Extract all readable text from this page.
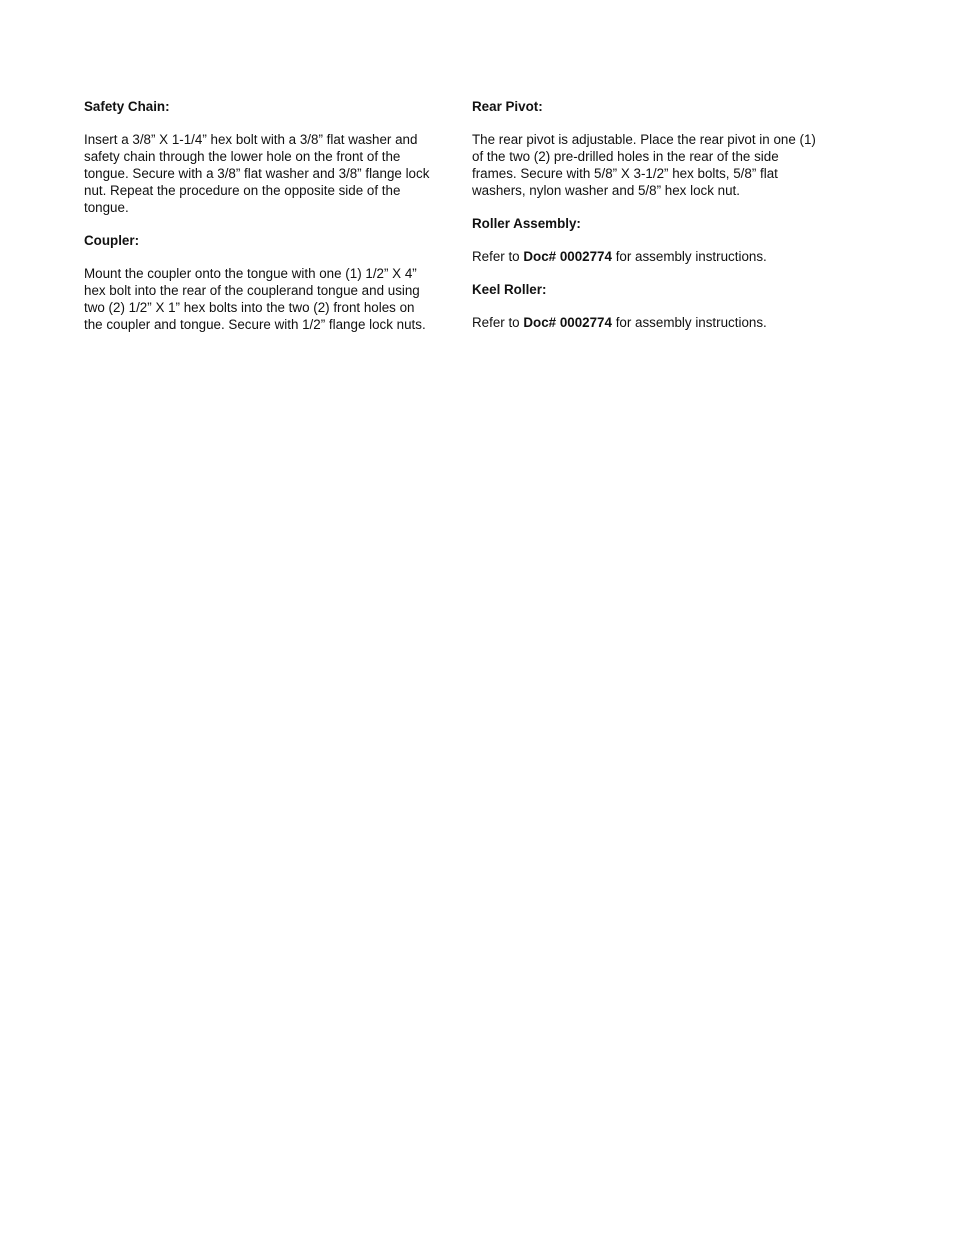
Safety Chain:
Insert a 3/8” X 1-1/4” hex bolt with a 3/8” flat washer and
safety chain through the lower hole on the front of the
tongue. Secure with a 3/8” flat washer and 3/8” flange lock
nut. Repeat the procedure on the opposite side of the
tongue.
Coupler:
Mount the coupler onto the tongue with one (1) 1/2” X 4”
hex bolt into the rear of the couplerand tongue and using
two (2) 1/2” X 1” hex bolts into the two (2) front holes on
the coupler and tongue. Secure with 1/2” flange lock nuts.
Rear Pivot:
The rear pivot is adjustable. Place the rear pivot in one (1)
of the two (2) pre-drilled holes in the rear of the side
frames. Secure with 5/8” X 3-1/2” hex bolts, 5/8” flat
washers, nylon washer and 5/8” hex lock nut.
Roller Assembly:
Refer to Doc# 0002774 for assembly instructions.
Keel Roller:
Refer to Doc# 0002774 for assembly instructions.
